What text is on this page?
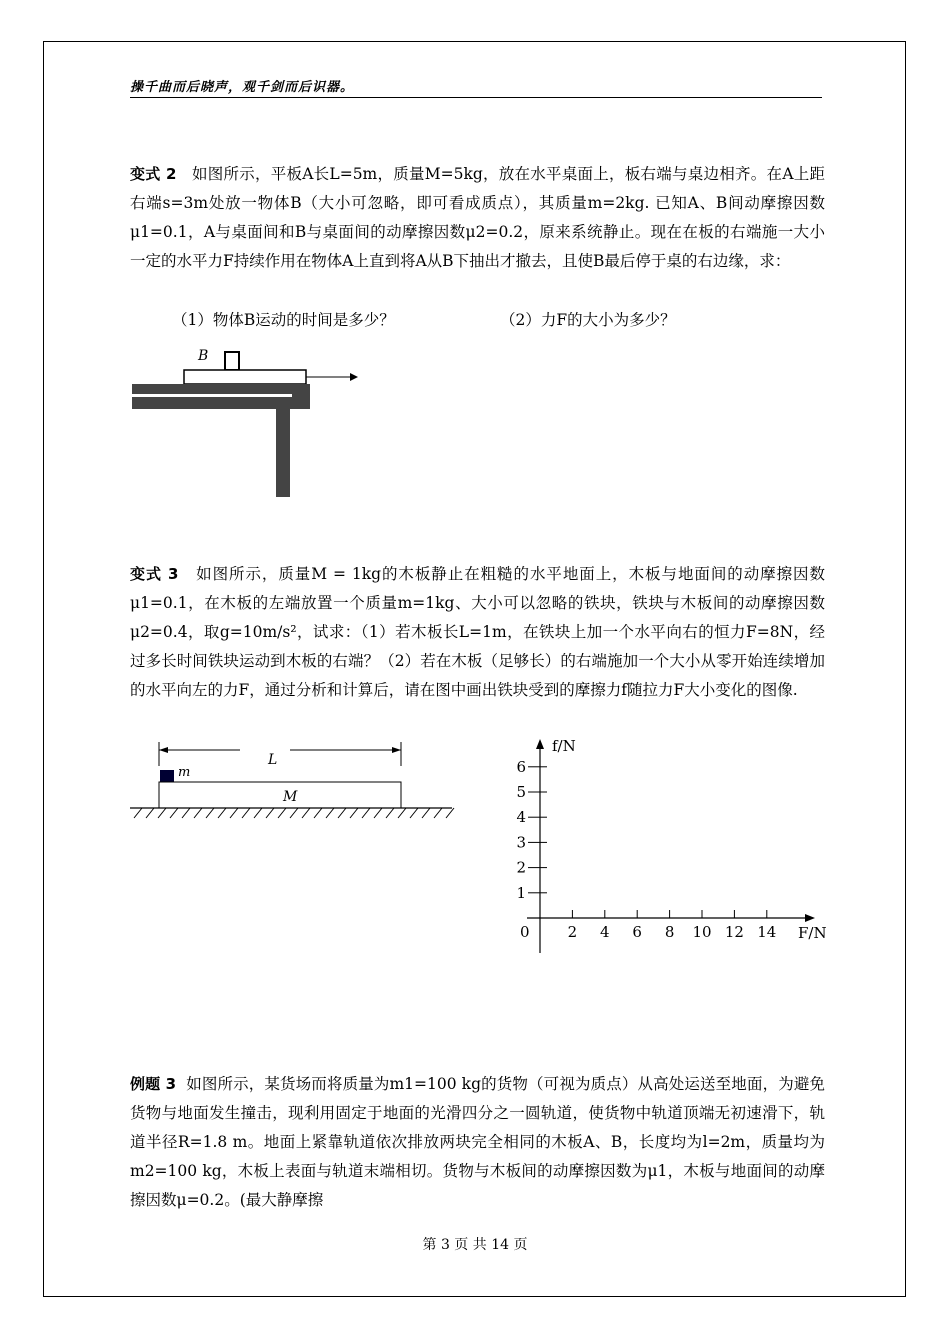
操千曲而后晓声，观千剑而后识器。
变式 2 如图所示，平板A长L=5m，质量M=5kg，放在水平桌面上，板右端与桌边相齐。在A上距右端s=3m处放一物体B（大小可忽略，即可看成质点），其质量m=2kg. 已知A、B间动摩擦因数μ1=0.1，A与桌面间和B与桌面间的动摩擦因数μ2=0.2，原来系统静止。现在在板的右端施一大小一定的水平力F持续作用在物体A上直到将A从B下抽出才撤去，且使B最后停于桌的右边缘，求：
（1）物体B运动的时间是多少？	（2）力F的大小为多少？
B
变式 3 如图所示，质量M = 1kg的木板静止在粗糙的水平地面上，木板与地面间的动摩擦因数μ1=0.1，在木板的左端放置一个质量m=1kg、大小可以忽略的铁块，铁块与木板间的动摩擦因数μ2=0.4，取g=10m/s²，试求：（1）若木板长L=1m，在铁块上加一个水平向右的恒力F=8N，经过多长时间铁块运动到木板的右端？（2）若在木板（足够长）的右端施加一个大小从零开始连续增加的水平向左的力F，通过分析和计算后，请在图中画出铁块受到的摩擦力f随拉力F大小变化的图像.
L
m
M
f/N
F/N
0	2 4 6 8 10 12 14
1
2
3
4
5
6
例题 3 如图所示，某货场而将质量为m1=100 kg的货物（可视为质点）从高处运送至地面，为避免货物与地面发生撞击，现利用固定于地面的光滑四分之一圆轨道，使货物中轨道顶端无初速滑下，轨道半径R=1.8 m。地面上紧靠轨道依次排放两块完全相同的木板A、B，长度均为l=2m，质量均为m2=100 kg，木板上表面与轨道末端相切。货物与木板间的动摩擦因数为μ1，木板与地面间的动摩擦因数μ=0.2。(最大静摩擦
第 3 页 共 14 页
